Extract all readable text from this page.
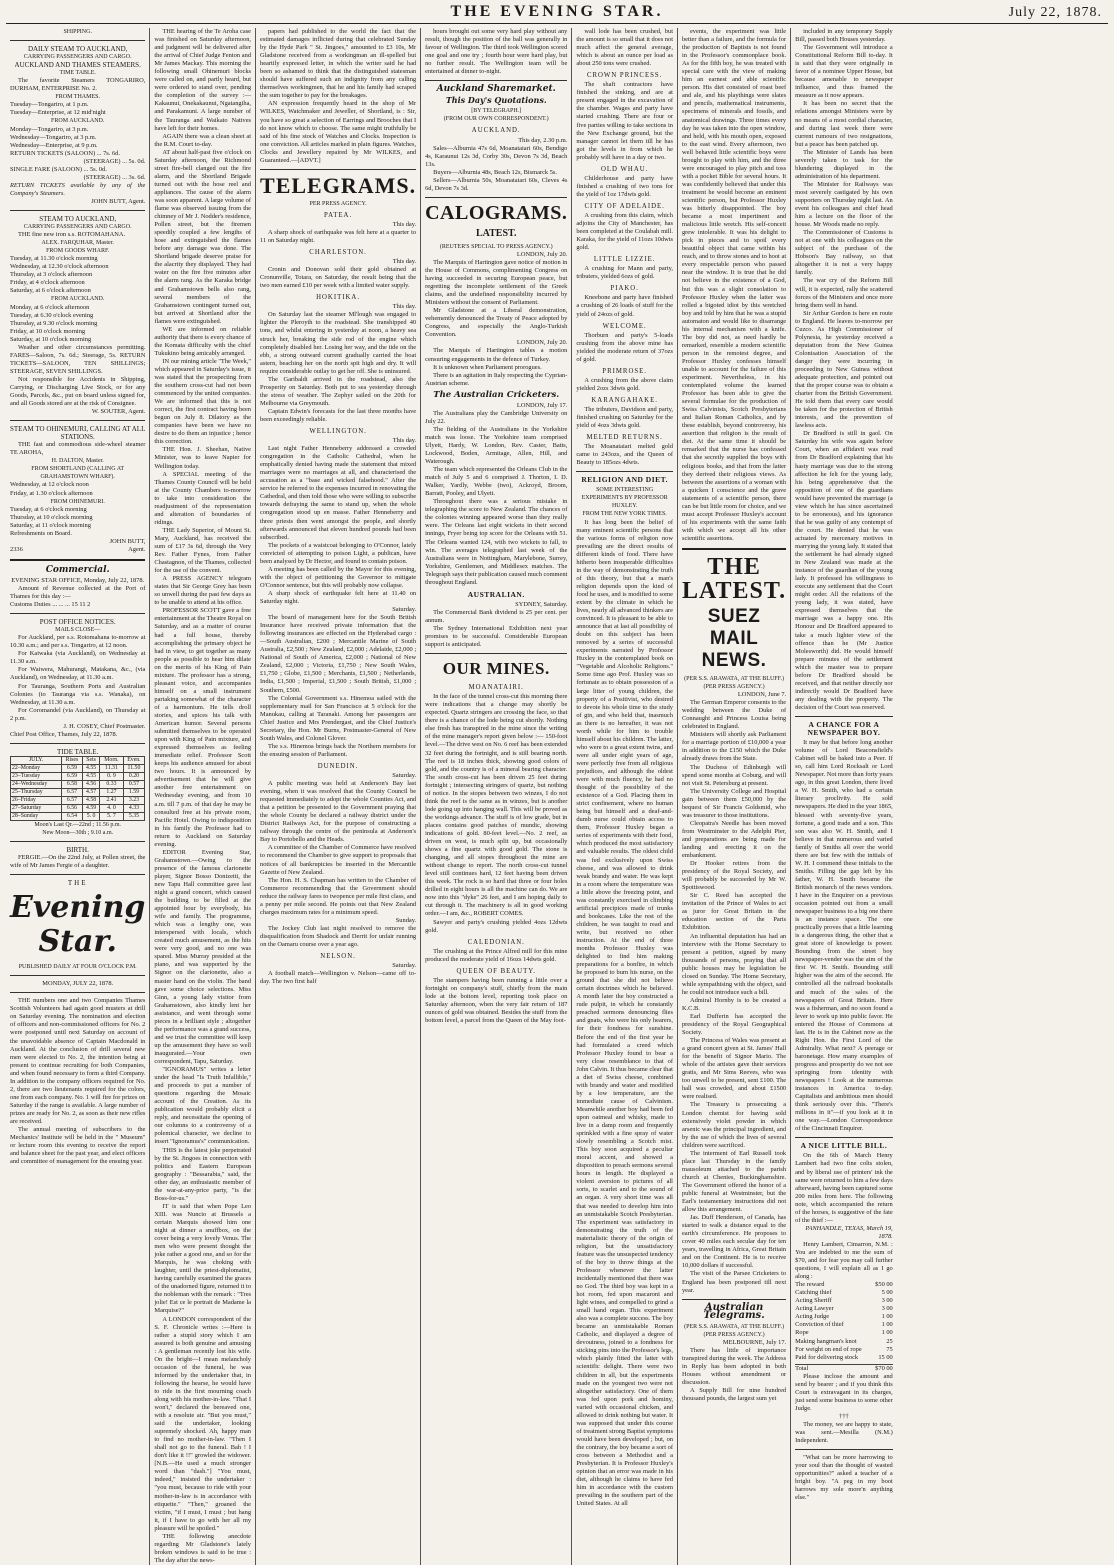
THE EVENING STAR.	July 22, 1878.
SHIPPING.
DAILY STEAM TO AUCKLAND,
CARRYING PASSENGERS AND CARGO.
AUCKLAND AND THAMES STEAMERS.
TIME TABLE.

The favorite Steamers TONGARIRO, DURHAM, ENTERPRISE No. 2.

FROM THAMES.
Tuesday—Tongariro, at 1 p.m.
Tuesday—Enterprise, at 12 mid'night
FROM AUCKLAND.
Monday—Tongariro, at 3 p.m.
Wednesday—Tongariro, at 3 p.m.
Wednesday—Enterprise, at 9 p.m.
RETURN TICKETS (SALOON) ... 7s. 6d.
(STEERAGE) ... 5s. 0d.
SINGLE FARE (SALOON) ... 5s. 0d.
(STEERAGE) ... 3s. 6d.
RETURN TICKETS available by any of the Company's Steamers.
JOHN BUTT, Agent.
STEAM TO AUCKLAND,
CARRYING PASSENGERS AND CARGO.

THE fine new iron s.s. ROTOMAHANA.

ALEX. FARQUHAR, Master.
FROM GOODS WHARF.
Tuesday, at 11.30 o'clock morning
Wednesday, at 12.30 o'clock afternoon
Thursday, at 3 o'clock afternoon
Friday, at 4 o'clock afternoon
Saturday, at 6 o'clock afternoon
FROM AUCKLAND.
Monday, at 6 o'clock afternoon
Tuesday, at 6.30 o'clock evening
Thursday, at 9.30 o'clock morning
Friday, at 10 o'clock morning
Saturday, at 10 o'clock morning

Weather and other circumstances permitting. FARES—Saloon, 7s. 6d.; Steerage, 5s. RETURN TICKETS—SALOON, TEN SHILLINGS; STEERAGE, SEVEN SHILLINGS.

Not responsible for Accidents in Shipping, Carrying, or Discharging Live Stock, or for any Goods, Parcels, &c., put on board unless signed for, and all Goods stored are at the risk of Consignee.

W. SOUTER, Agent.
STEAM TO OHINEMURI, CALLING AT ALL STATIONS.

THE fast and commodious side-wheel steamer TE AROHA,

H. DALTON, Master.
FROM SHORTLAND (CALLING AT GRAHAMSTOWN WHARF).
Wednesday, at 12 o'clock noon
Friday, at 1.30 o'clock afternoon
FROM OHINEMURI.
Tuesday, at 6 o'clock morning
Thursday, at 10 o'clock morning
Saturday, at 11 o'clock morning
Refreshments on Board.
JOHN BUTT,
2336	Agent.
Commercial.
EVENING STAR OFFICE, Monday, July 22, 1878.

Amount of Revenue collected at the Port of Thames for this day :—

Customs Duties ... ... ... 15 11 2
POST OFFICE NOTICES.
MAILS CLOSE—

For Auckland, per s.s. Rotomahana to-morrow at 10.30 a.m.; and per s.s. Tongariro, at 12 noon.

For Kaiwaka (via Auckland), on Wednesday at 11.30 a.m.

For Waiwera, Mahurangi, Matakana, &c., (via Auckland), on Wednesday, at 11.30 a.m.

For Tauranga, Southern Ports and Australian Colonies (to Tauranga via s.s. Wanaka), on Wednesday, at 11.30 a.m.

For Coromandel (via Auckland), on Thursday at 2 p.m.

J. H. COSEY, Chief Postmaster.
Chief Post Office, Thames, July 22, 1878.
TIDE TABLE.
JULY.	Rises	Sets	Morn.	Even.
22–Monday	6.59	4.55	11.31	11.50
23–Tuesday	6.59	4.55	0. 9	0.20
24–Wednesday	6.58	4.56	0.33	0.57
25–Thursday	6.57	4.57	1.27	1.59
26–Friday	6.57	4.58	2.41	3.23
27–Saturday	6.56	4.59	4. 0	4.33
28–Sunday	6.54	5. 0	5. 7	5.35
Moon's Last Qr.—22nd ; 11.56 p.m.
New Moon—30th ; 9.10 a.m.
BIRTH.

FERGIE.—On the 22nd July, at Pollen street, the wife of Mr James Fergie of a daughter.

THE
Evening Star.
PUBLISHED DAILY AT FOUR O'CLOCK P.M.
MONDAY, JULY 22, 1878.

THE numbers one and two Companies Thames Scottish Volunteers had again good musters at drill on Saturday evening. The nomination and election of officers and non-commissioned officers for No. 2 were postponed until next Saturday on account of the unavoidable absence of Captain Macdonald in Auckland. At the conclusion of drill several new men were elected to No. 2, the intention being at present to continue recruiting for both Companies, and when found necessary to form a third Company. In addition to the company officers required for No. 2, there are two lieutenants required for the colors, one from each company. No. 1 will fire for prizes on Saturday if the range is available. A large number of prizes are ready for No. 2, as soon as their new rifles are received.

The annual meeting of subscribers to the Mechanics' Institute will be held in the " Museum" or lecture room this evening to receive the report and balance sheet for the past year, and elect officers and committee of management for the ensuing year.

THE hearing of the Te Aroha case was finished on Saturday afternoon, and judgment will be delivered after the arrival of Chief Judge Fenton and Mr James Mackay. This morning the following small Ohinemuri blocks were called on, and partly heard, but were ordered to stand over, pending the completion of the survey :—Kakaunui, Onekakaunui, Ngatangiha, and Parakamuni. A large number of the Tauranga and Waikato Natives have left for their homes.

AGAIN there was a clean sheet at the R.M. Court to-day.

AT about half-past five o'clock on Saturday afternoon, the Richmond street fire-bell clanged out the fire alarm, and the Shortland Brigade turned out with the hose reel and appliances. The cause of the alarm was soon apparent. A large volume of flame was observed issuing from the chimney of Mr J. Nodder's residence, Pollen street, but the firemen speedily coupled a few lengths of hose and extinguished the flames before any damage was done. The Shortland brigade deserve praise for the alacrity they displayed. They had water on the fire five minutes after the alarm rang. As the Karaka bridge and Grahamstown bells also rang, several members of the Grahamstown contingent turned out, but arrived at Shortland after the flames were extinguished.

WE are informed on reliable authority that there is every chance of the Komata difficulty with the chief Tukukino being amicably arranged.

IN our mining article "The Week," which appeared in Saturday's issue, it was stated that the prospecting from the southern cross-cut had not been commenced by the united companies. We are informed that this is not correct, the first contract having been begun on July 8. Dilatory as the companies have been we have no desire to do them an injustice ; hence this correction.

THE Hon. J. Sheehan, Native Minister, was to leave Napier for Wellington today.

A SPECIAL meeting of the Thames County Council will be held at the County Chambers to-morrow to take into consideration the readjustment of the representation and alteration of boundaries of ridings.

THE Lady Superior, of Mount St. Mary, Auckland, has received the sum of £17 3s 6d, through the Very Rev. Father Fynes, from Father Chastagnon, of the Thames, collected for the use of the convent.

A PRESS AGENCY telegram states that Sir George Grey has been so unwell during the past few days as to be unable to attend at his office.

PROFESSOR SCOTT gave a free entertainment at the Theatre Royal on Saturday, and as a matter of course had a full house, thereby accomplishing the primary object he had in view, to get together as many people as possible to hear him dilate on the merits of his King of Pain mixture. The professor has a strong, pleasant voice, and accompanies himself on a small instrument partaking somewhat of the character of a harmonium. He tells droll stories, and spices his talk with American humor. Several persons submitted themselves to be operated upon with King of Pain mixture, and expressed themselves as feeling immediate relief. Professor Scott keeps his audience amused for about two hours. It is announced by advertisement that he will give another free entertainment on Wednesday evening, and from 10 a.m. till 7 p.m. of that day he may be consulted free at his private room, Pacific Hotel. Owing to indisposition in his family the Professor had to return to Auckland on Saturday evening.

EDITOR Evening Star, Grahamstown.—Owing to the presence of the famous clarionette player, Signor Bosso Donizetti, the new Tapu Hall committee gave last night a grand concert, which caused the building to be filled at the appointed hour by everybody, his wife and family. The programme, which was a lengthy one, was interspersed with locals, which created much amusement, as the hits were very good, and no one was spared. Miss Murray presided at the piano, and was supported by the Signor on the clarionette, also a master hand on the violin. The band gave some choice selections. Miss Ginn, a young lady visitor from Grahamstown, also kindly lent her assistance, and went through some pieces in a brilliant style ; altogether the performance was a grand success, and we trust the committee will keep up the amusement they have so well inaugurated.—Your own correspondent, Tapu, Saturday.

"IGNORAMUS" writes a letter under the head "Is Truth Infallible," and proceeds to put a number of questions regarding the Mosaic account of the Creation. As its publication would probably elicit a reply, and necessitate the opening of our columns to a controversy of a polemical character, we decline to insert "Ignoramus's" communication.

THIS is the latest joke perpetrated by the St. Jingoes in connection with politics and Eastern European geography : "Bessarabia," said, the other day, an enthusiastic member of the war-at-any-price party, "is the Boss-for-us."

IT is said that when Pope Leo XIII. was Nuncio at Brussels a certain Marquis showed him one night at dinner a snuffbox, on the cover being a very lovely Venus. The men who were present thought the joke rather a good one, and so for the Marquis, he was choking with laughter, until the priest-diplomatist, having carefully examined the graces of the unadorned figure, returned it to the nobleman with the remark : "Tres jolie! Est ce le portrait de Madame la Marquise?"

A LONDON correspondent of the S. F. Chronicle writes :—Here is rather a stupid story which I am assured is both genuine and amusing : A gentleman recently lost his wife. On the bright—I mean melancholy occasion of the funeral, he was informed by the undertaker that, in following the hearse, he would have to ride in the first mourning coach along with his mother-in-law. "That I won't," declared the bereaved one, with a resolute air. "But you must," said the undertaker, looking supremely shocked. Ah, happy man to find no mother-in-law. "Then I shall not go to the funeral. Bah ! I don't like it !!" growled the widower. [N.B.—He used a much stronger word than "dash."] "You must, indeed," insisted the undertaker : "you must, because to ride with your mother-in-law is in accordance with etiquette." "Then," groaned the victim, "if I must, I must ; but hang it, if I have to go with her all my pleasure will be spoiled."

THE following anecdote regarding Mr Gladstone's lately broken windows is said to be true : The day after the news-

papers had published to the world the fact that the estimated damages inflicted during that celebrated Sunday by the Hyde Park " St. Jingoes," amounted to £3 10s, Mr Gladstone received from a workingman an ill-spelled but heartily expressed letter, in which the writer said he had been so ashamed to think that the distinguished statesman should have suffered such an indignity from any calling themselves workingmen, that he and his family had scraped the sum together to pay for the breakages.

AN expression frequently heard in the shop of Mr WILKES, Watchmaker and Jeweller, of Shortland, is : Sir, you have so great a selection of Earrings and Brooches that I do not know which to choose. The same might truthfully be said of his fine stock of Watches and Clocks. Inspection is one conviction. All articles marked in plain figures. Watches, Clocks and Jewellery repaired by Mr WILKES, and Guaranteed.—[ADVT.]

TELEGRAMS.
PER PRESS AGENCY.
PATEA.
This day.

A sharp shock of earthquake was felt here at a quarter to 11 on Saturday night.

CHARLESTON.
This day.

Cronin and Donovan sold their gold obtained at Cronunville, Totara, on Saturday, the result being that the two men earned £10 per week with a limited water supply.

HOKITIKA.
This day.

On Saturday last the steamer Ml'lough was engaged to lighter the Pleroyth to the roadstead. She transhipped 40 tons, and whilst entering in yesterday at noon, a heavy sea struck her, breaking the side rod of the engine which completely disabled her. Losing her way, and the tide on the ebb, a strong outward current gradually carried the boat astern, beaching her on the north spit high and dry. It will require considerable outlay to get her off. She is uninsured.

The Garibaldi arrived in the roadstead, also the Prosperity on Saturday. Both put to sea yesterday through the stress of weather. The Zephyr sailed on the 20th for Melbourne via Greymouth.

Captain Edwin's forecasts for the last three months have been exceedingly reliable.

WELLINGTON.
This day.

Last night Father Henneberry addressed a crowded congregation in the Catholic Cathedral, when he emphatically denied having made the statement that mixed marriages were no marriages at all, and characterised the accusation as a "base and wicked falsehood." After the service he referred to the expenses incurred in renovating the Cathedral, and then told those who were willing to subscribe towards defraying the same to stand up, when the whole congregation stood up en masse. Father Henneberry and three priests then went amongst the people, and shortly afterwards announced that eleven hundred pounds had been subscribed.

The pockets of a waistcoat belonging to O'Connor, lately convicted of attempting to poison Light, a publican, have been analysed by Dr Hector, and found to contain poison.

A meeting has been called by the Mayor for this evening, with the object of petitioning the Governor to mitigate O'Connor sentence, but this will probably now collapse.

A sharp shock of earthquake felt here at 11.40 on Saturday night.

Saturday.

The board of management here for the South British Insurance have received private information that the following insurances are effected on the Hyderabad cargo :—South Australian, £200 ; Mercantile Marine of South Australia, £2,500 ; New Zealand, £2,000 ; Adelaide, £2,000 ; National of South of America, £2,000 ; National of New Zealand, £2,000 ; Victoria, £1,750 ; New South Wales, £1,750 ; Globe, £1,500 ; Merchants, £1,500 ; Netherlands, India, £1,500 ; Imperial, £1,500 ; South British, £1,000 ; Southern, £500.

The Colonial Government s.s. Hinemoa sailed with the supplementary mail for San Francisco at 5 o'clock for the Manukau, calling at Taranaki. Among her passengers are Chief Justice and Mrs Prendergast, and the Chief Justice's Secretary, the Hon. Mr Burns, Postmaster-General of New South Wales, and Colonel Glover.

The s.s. Hinemoa brings back the Northern members for the ensuing session of Parliament.

DUNEDIN.
Saturday.

A public meeting was held at Anderson's Bay last evening, when it was resolved that the County Council be requested immediately to adopt the whole Counties Act, and that a petition be presented to the Government praying that the whole County be declared a railway district under the District Railways Act, for the purpose of constructing a railway through the centre of the peninsula at Anderson's Bay to Portobello and the Heads.

A committee of the Chamber of Commerce have resolved to recommend the Chamber to give support to proposals that notices of all bankruptcies be inserted in the Mercantile Gazette of New Zealand.

The Hon. H. S. Chapman has written to the Chamber of Commerce recommending that the Government should reduce the railway fares to twopence per mile first class, and a penny per mile second. He points out that New Zealand charges maximum rates for a minimum speed.

Sunday.

The Jockey Club last night resolved to remove the disqualification from Shadock and Derrit for unfair running on the Oamaru course over a year ago.

NELSON.
Saturday.

A football match—Wellington v. Nelson—came off to-day. The two first half

hours brought out some very hard play without any result, though the position of the ball was generally in favour of Wellington. The third took Wellington scored one goal and one try ; fourth hour were hard play, but no further result. The Wellington team will be entertained at dinner to-night.

Auckland Sharemarket.
This Day's Quotations.
[BY TELEGRAPH.]
(FROM OUR OWN CORRESPONDENT.)
AUCKLAND.
This day, 2.30 p.m.

Sales—Alburnia 47s 6d, Moanataiari 60s, Bendigo 4s, Karaunui 12s 3d, Corby 30s, Devon 7s 3d, Beach 13s.

Buyers—Alburnia 48s, Beach 12s, Bismarck 5s.

Sellers—Alburnia 50s, Moanataiari 60s, Cleves 4s 6d, Devon 7s 3d.

CALOGRAMS.
LATEST.
(REUTER'S SPECIAL TO PRESS AGENCY.)
LONDON, July 20.

The Marquis of Hartington gave notice of motion in the House of Commons, complimenting Congress on having succeeded in securing European peace, but regretting the incomplete settlement of the Greek claims, and the undefined responsibility incurred by Ministers without the consent of Parliament.

Mr Gladstone at a Liberal demonstration, vehemently denounced the Treaty of Peace adopted by Congress, and especially the Anglo-Turkish Convention.

LONDON, July 20.

The Marquis of Hartington tables a motion censuring engagements in the defence of Turkey.

It is unknown when Parliament prorogues.

There is an agitation in Italy respecting the Cyprian-Austrian scheme.

The Australian Cricketers.
LONDON, July 17.

The Australians play the Cambridge University on July 22.

The fielding of the Australians in the Yorkshire match was loose. The Yorkshire team comprised Ulyett, Hardy, W. London, Rev. Caster, Batts, Lockwood, Boden, Armitage, Allen, Hill, and Waterough.

The team which represented the Orleans Club in the match of July 5 and 6 comprised J. Thorton, I. D. Walker, Yardly, Webbe (two), Ackroyd, Broom, Barratt, Pooley, and Ulyett.

Throughout there was a serious mistake in telegraphing the score to New Zealand. The chances of the colonies winning appeared worse than they really were. The Orleans last eight wickets in their second innings, Fryer being top score for the Orleans with 51. The Orleans wanted 124, with two wickets to fall, to win. The averages telegraphed last week of the Australians were in Nottingham, Marylebone, Surrey, Yorkshire, Gentlemen, and Middlesex matches. The Telegraph says their publication caused much comment throughout England.

AUSTRALIAN.
SYDNEY, Saturday.

The Commercial Bank dividend is 25 per cent. per annum.

The Sydney International Exhibition next year promises to be successful. Considerable European support is anticipated.

OUR MINES.
MOANATAIRI.

In the face of the tunnel cross-cut this morning there were indications that a change may shortly be expected. Quartz stringers are crossing the face, so that there is a chance of the lode being cut shortly. Nothing else fresh has transpired in the mine since the writing of the mine manager's report given below :— 150-foot level.—The drive west on No. 6 reef has been extended 32 feet during the fortnight, and is still bearing north. The reef is 18 inches thick, showing good colors of gold, and the country is of a mineral bearing character. The south cross-cut has been driven 25 feet during fortnight ; intersecting stringers of quartz, but nothing of notice. In the stopes between two winzes, I do not think the reef is the same as in winzes, but is another lode going up into hanging wall. This will be proved as the workings advance. The stuff is of low grade, but in places contains good patches of mundic, showing indications of gold. 80-feet level.—No. 2 reef, as driven on west, is much split up, but occasionally shows a fine quartz with good gold. The stone is changing, and all stopes throughout the mine are without change to report. The north cross-cut tunnel level still continues hard, 12 feet having been driven this week. The rock is so hard that three or four holes drilled in eight hours is all the machine can do. We are now into this "dyke" 26 feet, and I am hoping daily to cut through it. The machinery is all in good working order.—I am, &c., ROBERT COMES.

Sawyer and party's crushing yielded 4ozs 12dwts gold.

CALEDONIAN.

The crushing at the Prince Alfred mill for this mine produced the moderate yield of 16ozs 14dwts gold.

QUEEN OF BEAUTY.

The stampers having been running a little over a fortnight on company's stuff, chiefly from the main lode at the bottom level, reporting took place on Saturday afternoon, when the very fair return of 187 ounces of gold was obtained. Besides the stuff from the bottom level, a parcel from the Queen of the May foot-

wall lode has been crushed, but the amount is so small that it does not much affect the general average, which is about an ounce per load as about 250 tons were crushed.

CROWN PRINCESS.

The shaft contractors have finished the sinking, and are at present engaged in the excavation of the chamber. Wages and party have started crushing. There are four or five parties willing to take sections in the New Exchange ground, but the manager cannot let them till he has got the levels in from which he probably will have in a day or two.

OLD WHAU.

Childerhouse and party have finished a crushing of two tons for the yield of 1oz 17dwts gold.

CITY OF ADELAIDE.

A crushing from this claim, which adjoins the City of Manchester, has been completed at the Coulabah mill. Karaka, for the yield of 11ozs 10dwts gold.

LITTLE LIZZIE.

A crushing for Mann and party, tributers, yielded 6ozs of gold.

PIAKO.

Kneebone and party have finished a crushing of 26 loads of stuff for the yield of 24ozs of gold.

WELCOME.

Thorburn and party's 5-loads crushing from the above mine has yielded the moderate return of 37ozs of gold.

PRIMROSE.

A crushing from the above claim yielded 2ozs 3dwts gold.

KARANGAHAKE.

The tributers, Davidson and party, finished crushing on Saturday for the yield of 4ozs 3dwts gold.

MELTED RETURNS.

The Moanataiari melted gold came to 243ozs, and the Queen of Beauty to 185ozs 4dwts.

RELIGION AND DIET.
SOME INTERESTING EXPERIMENTS BY PROFESSOR HUXLEY.
FROM THE NEW YORK TIMES.

It has long been the belief of many eminent scientific persons that the various forms of religion now prevailing are the direct results of different kinds of food. There have hitherto been insuperable difficulties in the way of demonstrating the truth of this theory, but that a man's religion depends upon the kind of food he uses, and is modified to some extent by the climate in which he lives, nearly all advanced thinkers are convinced. It is pleasant to be able to announce that at last all possibility of doubt on this subject has been removed by a series of successful experiments narrated by Professor Huxley in the contemplated book on "Vegetable and Alcoholic Religions." Some time ago Prof. Huxley was so fortunate as to obtain possession of a large litter of young children, the property of a Positivist, who desired to devote his whole time to the study of gin, and who held that, inasmuch as there is no hereafter, it was not worth while for him to trouble himself about his children. The latter, who were to a great extent twins, and were all under eight years of age, were perfectly free from all religious prejudices, and although the oldest were with much fluency, he had no thought of the possibility of the existence of a God. Placing them in strict confinement, where no human being but himself and a deaf-and-dumb nurse could obtain access to them, Professor Huxley began a series of experiments with their food, which produced the most satisfactory and valuable results. The oldest child was fed exclusively upon Swiss cheese, and was allowed to drink weak brandy and water. He was kept in a room where the temperature was a little above the freezing point, and was constantly exercised in climbing artificial precipices made of trunks and bookcases. Like the rest of the children, he was taught to read and write, but received no other instruction. At the end of three months Professor Huxley was delighted to find him making preparations for a bonfire, in which he proposed to burn his nurse, on the ground that she did not believe certain doctrines which he believed. A month later the boy constructed a rude pulpit, in which he constantly preached sermons denouncing flies and gnats, who were his only hearers, for their fondness for sunshine. Before the end of the first year he had formulated a creed which Professor Huxley found to bear a very close resemblance to that of John Calvin. It thus became clear that a diet of Swiss cheese, combined with brandy and water and modified by a low temperature, are the immediate cause of Calvinism. Meanwhile another boy had been fed upon oatmeal and whisky, made to live in a damp room and frequently sprinkled with a fine spray of water slowly resembling a Scotch mist. This boy soon acquired a peculiar moral accent, and showed a disposition to preach sermons several hours in length. He displayed a violent aversion to pictures of all sorts, to scarlet and to the sound of an organ. A very short time was all that was needed to develop him into an unmistakable Scotch Presbyterian. The experiment was satisfactory in demonstrating the truth of the materialistic theory of the origin of religion, but the unsatisfactory feature was the unsuspected tendency of the boy to throw things at the Professor whenever the latter incidentally mentioned that there was no God. The third boy was kept in a hot room, fed upon macaroni and light wines, and compelled to grind a small hand organ. This experiment also was a complete success. The boy became an unmistakable Roman Catholic, and displayed a degree of devoutness, joined to a fondness for sticking pins into the Professor's legs, which plainly fitted the latter with scientific delight. There were two children in all, but the experiments made on the youngest two were not altogether satisfactory. One of them was fed upon pork and hominy, varied with occasional chicken, and allowed to drink nothing but water. It was supposed that under this course of treatment strong Baptist symptoms would have been developed ; but, on the contrary, the boy became a sort of cross between a Methodist and a Presbyterian. It is Professor Huxley's opinion that an error was made in his diet, although he claims to have fed him in accordance with the custom prevailing in the southern part of the United States. At all

events, the experiment was little better than a failure, and the formula for the production of Baptists is not found in the Professor's commonplace book. As for the fifth boy, he was treated with special care with the view of making him an earnest and able scientific person. His diet consisted of roast beef and ale, and his playthings were slates and pencils, mathematical instruments, specimens of minerals and fossils, and anatomical drawings. Three times every day he was taken into the open window, and held, with his mouth open, exposed to the east wind. Every afternoon, two well behaved little scientific boys were brought to play with him, and the three were encouraged to play pitch and toss with a pocket Bible for several hours. It was confidently believed that under this treatment he would become an eminent scientific person, but Professor Huxley was bitterly disappointed. The boy became a most impertinent and malicious little wretch. His self-conceit grew intolerable. It was his delight to pick in pieces and to spoil every beautiful object that came within his reach, and to throw stones and to hoot at every respectable person who passed near the window. It is true that he did not believe in the existence of a God, but this was a slight consolation to Professor Huxley when the latter was rolled a bigoted idiot by this wretched boy and told by him that he was a stupid automaton and would like to disarrange his internal mechanism with a knife. The boy did not, as need hardly be remarked, resemble a modern scientific person in the remotest degree, and Professor Huxley confesses himself unable to account for the failure of this experiment. Nevertheless, in his contemplated volume the learned Professor has been able to give the several formulae for the production of Swiss Calvinists, Scotch Presbyterians and Italian Roman Catholics, and by these establish, beyond controversy, his assertion that religion is the result of diet. At the same time it should be remarked that the nurse has confessed that she secretly supplied the boys with religious books, and that from the latter they derived their religious views. As between the assertions of a woman with a quicken I conscience and the grave statements of a scientific person, there can be but little room for choice, and we must accept Professor Huxley's account of his experiments with the same faith with which we accept all his other scientific assertions.

THE LATEST.
SUEZ MAIL NEWS.
(PER S.S. ARAWATA, AT THE BLUFF.)
(PER PRESS AGENCY.)
LONDON, June 7.

The German Emperor consents to the wedding between the Duke of Connaught and Princess Louisa being celebrated in England.

Ministers will shortly ask Parliament for a marriage portion of £10,000 a year in addition to the £150 which the Duke already draws from the State.

The Duchess of Edinburgh will spend some months at Coburg, and will not visit St. Petersburg at present.

The University College and Hospital gain between them £50,000 by the bequest of Sir Francis Goldsmid, who was treasurer to those institutions.

Cleopatra's Needle has been moved from Westminster to the Adelphi Pier, and preparations are being made for landing and erecting it on the embankment.

Dr Hooker retires from the presidency of the Royal Society, and will probably be succeeded by Mr W. Spottiswood.

Sir C. Reed has accepted the invitation of the Prince of Wales to act as juror for Great Britain in the education section of the Paris Exhibition.

An influential deputation has had an interview with the Home Secretary to present a petition, signed by many thousands of persons, praying that all public houses may be legislation be closed on Sunday. The Home Secretary, while sympathising with the object, said he could not introduce such a bill.

Admiral Hornby is to be created a K.C.B.

Earl Dufferin has accepted the presidency of the Royal Geographical Society.

The Princess of Wales was present at a grand concert given at St. James' Hall for the benefit of Signor Mario. The whole of the artistes gave their services gratis, and Mr Sims Reeves, who was too unwell to be present, sent £100. The hall was crowded, and about £1500 were realised.

The Treasury is prosecuting a London chemist for having sold extensively violet powder in which arsenic was the principal ingredient, and by the use of which the lives of several children were sacrificed.

The interment of Earl Russell took place last Thursday in the family mausoleum attached to the parish church at Chenies, Buckinghamshire. The Government offered the honor of a public funeral at Westminster, but the Earl's testamentary instructions did not allow this arrangement.

Jas. Duff Henderson, of Canada, has started to walk a distance equal to the earth's circumference. He proposes to cover 40 miles each secular day for ten years, travelling in Africa, Great Britain and on the Continent. He is to receive 10,000 dollars if successful.

The visit of the Parsee Cricketers to England has been postponed till next year.

Australian Telegrams.
(PER S.S. ARAWATA, AT THE BLUFF.)
(PER PRESS AGENCY.)
MELBOURNE, July 17.

There has little of importance transpired during the week. The Address in Reply has been adopted in both Houses without amendment or discussion.

A Supply Bill for nine hundred thousand pounds, the largest sum yet

included in any temporary Supply Bill, passed both Houses yesterday.

The Government will introduce a Constitutional Reform Bill to-day. It is said that they were originally in favor of a nominee Upper House, but because amenable to newspaper influence, and thus framed the measure as it now appears.

It has been no secret that the relations amongst Ministers were by no means of a most cordial character, and during last week there were current rumours of two resignations, but a peace has been patched up.

The Minister of Lands has been severely taken to task for the blundering displayed in the administration of his department.

The Minister for Railways was most severely castigated by his own supporters on Thursday night last. An event his colleagues and chief head him a lecture on the floor of the house. Mr Woods made no reply.

The Commissioner of Customs is not at one with his colleagues on the subject of the purchase of the Hobson's Bay railway, so that altogether it is not a very happy family.

The war cry of the Reform Bill will, it is expected, rally the scattered forces of the Ministers and once more bring them well in hand.

Sir Arthur Gordon is here en route to England. He leaves to-morrow per Cuzco. As High Commissioner of Polynesia, he yesterday received a deputation from the New Guinea Colonisation Association of the danger they were incurring in proceeding to New Guinea without adequate protection, and pointed out that the proper course was to obtain a charter from the British Government. He told them that every care would be taken for the protection of British interests, and the prevention of lawless acts.

Dr Bradford is still in gaol. On Saturday his wife was again before Court, when an affidavit was read from Dr Bradford explaining that his hasty marriage was due to the strong affection he felt for the young lady, his being apprehensive that the opposition of one of the guardians would have prevented the marriage (a view which he has since ascertained to be erroneous), and his ignorance that he was guilty of any contempt of the court. He denied that he was actuated by mercenary motives in marrying the young lady. It stated that the settlement he had already signed in New Zealand was made at the instance of the guardian of the young lady. It professed his willingness to execute any settlement that the Court might order. All the relations of the young lady, it was stated, have expressed themselves that the marriage was a happy one. His Honour and Dr Bradford appeared to take a much lighter view of the offence than he (Mr Justice Molesworth) did. He would himself prepare minutes of the settlement which the master was to prepare before Dr Bradford should be received, and that neither directly nor indirectly would Dr Bradford have any dealing with the property. The decision of the Court was reserved.

A CHANCE FOR A NEWSPAPER BOY.

It may be that before long another volume of Lord Beaconsfield's Cabinet will be baked into a Peer. If so, call him Lord Rocksalt or Lord Newspaper. Not more than forty years ago, in this great London, there lived a W. H. Smith, who had a certain literary proclivity. He sold newspapers. He died in the year 1865, blessed with seventy-five years, fortune, a good trade and a son. This son was also W. H. Smith, and I believe in that numerous and varied family of Smiths all over the world there are but few with the initials of W. H. I commend these initials to the Smiths. Filling the gap left by his father, W. H. Smith became the British monarch of the news vendors. I have in the Enquirer on a previous occasion pointed out from a small newspaper business to a big one there is an instance space. The one practically proves that a little learning is a dangerous thing, the other that a great store of knowledge is power. Bounding from the street boy newspaper-vender was the aim of the first W. H. Smith. Bounding still higher was the aim of the second. He controlled all the railroad bookstalls and much of the sales of the newspapers of Great Britain. Here was a fisherman, and no soon found a lever to work up into public favor. He entered the House of Commons at last. He is in the Cabinet now as the Right Hon. the First Lord of the Admiralty. What next? A peerage or baronetage. How many examples of progress and prosperity do we not see springing from identity with newspapers ! Look at the numerous instances in America to-day. Capitalists and ambitious men should think seriously over this. "There's millions in it"—if you look at it in one way.—London Correspondence of the Cincinnati Enquirer.

A NICE LITTLE BILL.

On the 6th of March Henry Lambert had two fine colts stolen, and by liberal use of printers' ink the same were returned to him a few days afterward, having been captured some 200 miles from here. The following note, which accompanied the return of the horses, is suggestive of the fate of the thief :—

PANHANDLE, TEXAS, March 19, 1878.

Henry Lambert, Cimarron, N.M. : You are indebted to me the sum of $70, and for fear you may call further questions, I will explain all as I go along :

The reward	$50 00
Catching thief	5 00
Acting Sheriff	3 00
Acting Lawyer	3 00
Acting Judge	1 00
Conviction of thief	1 00
Rope	1 00
Making hangman's knot	25
For weight on end of rope	75
Paid for delivering stock	15 00
Total	$70 00

Please inclose the amount and send by bearer ; and if you think this Court is extravagant in its charges, just send some business to some other Judge.

†††

The money, we are happy to state, was sent.—Mesilla (N.M.) Independent.

"What can be more harrowing to your soul than the thought of wasted opportunities?" asked a teacher of a bright boy. "A peg in my boot harrows my sole more'n anything else."
